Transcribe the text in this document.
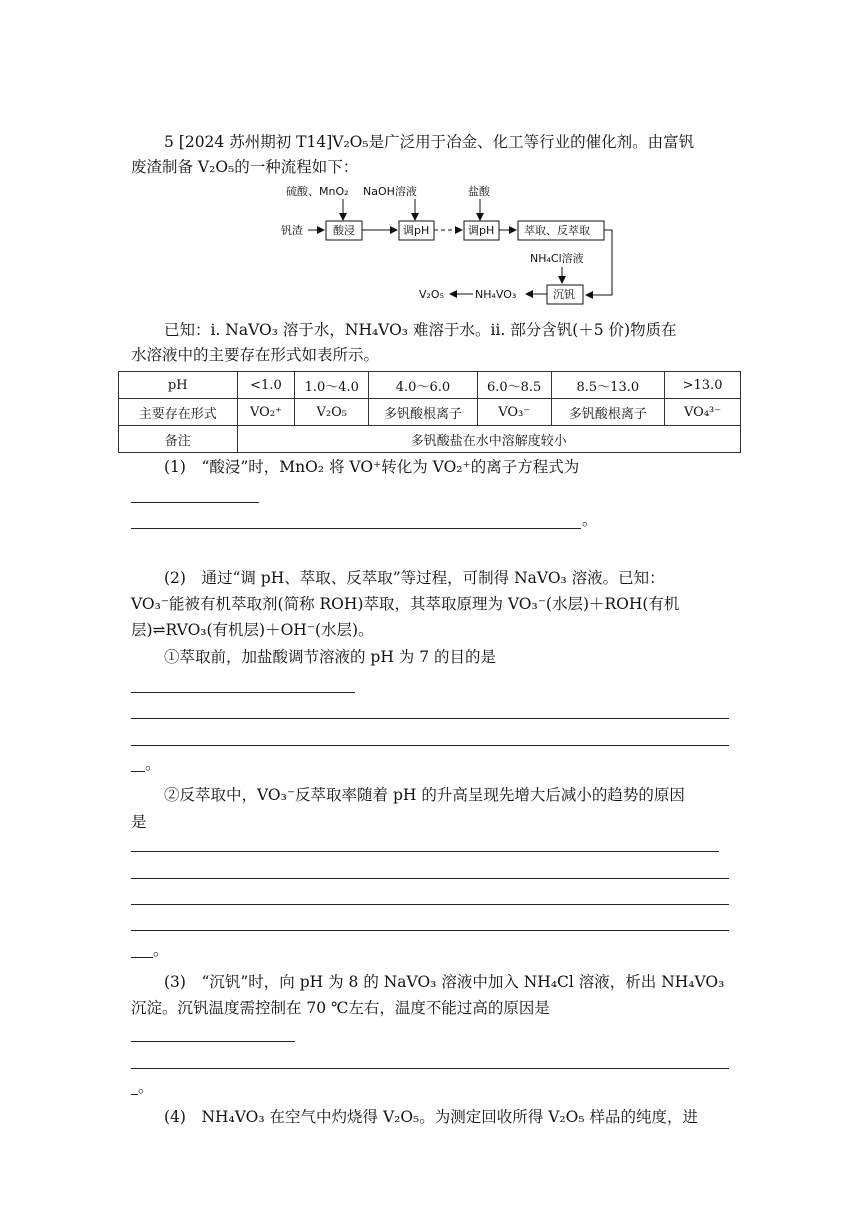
5 [2024 苏州期初 T14]V₂O₅是广泛用于冶金、化工等行业的催化剂。由富钒
废渣制备 V₂O₅的一种流程如下：
硫酸、MnO₂ NaOH溶液	盐酸
钒渣	酸浸	调pH	调pH	萃取、反萃取
NH₄Cl溶液
沉钒
NH₄VO₃
V₂O₅
已知：ⅰ. NaVO₃ 溶于水，NH₄VO₃ 难溶于水。ⅱ. 部分含钒(＋5 价)物质在
水溶液中的主要存在形式如表所示。
pH	<1.0	1.0～4.0	4.0～6.0	6.0～8.5	8.5～13.0	>13.0
主要存在形式	VO₂⁺	V₂O₅	多钒酸根离子	VO₃⁻	多钒酸根离子	VO₄³⁻
备注	多钒酸盐在水中溶解度较小					
(1)　“酸浸”时，MnO₂ 将 VO⁺转化为 VO₂⁺的离子方程式为
。
(2)　通过“调 pH、萃取、反萃取”等过程，可制得 NaVO₃ 溶液。已知：
VO₃⁻能被有机萃取剂(简称 ROH)萃取，其萃取原理为 VO₃⁻(水层)＋ROH(有机
层)⇌RVO₃(有机层)＋OH⁻(水层)。
①萃取前，加盐酸调节溶液的 pH 为 7 的目的是
。
②反萃取中，VO₃⁻反萃取率随着 pH 的升高呈现先增大后减小的趋势的原因
是
。
(3)　“沉钒”时，向 pH 为 8 的 NaVO₃ 溶液中加入 NH₄Cl 溶液，析出 NH₄VO₃
沉淀。沉钒温度需控制在 70 ℃左右，温度不能过高的原因是
。
(4)　NH₄VO₃ 在空气中灼烧得 V₂O₅。为测定回收所得 V₂O₅ 样品的纯度，进
